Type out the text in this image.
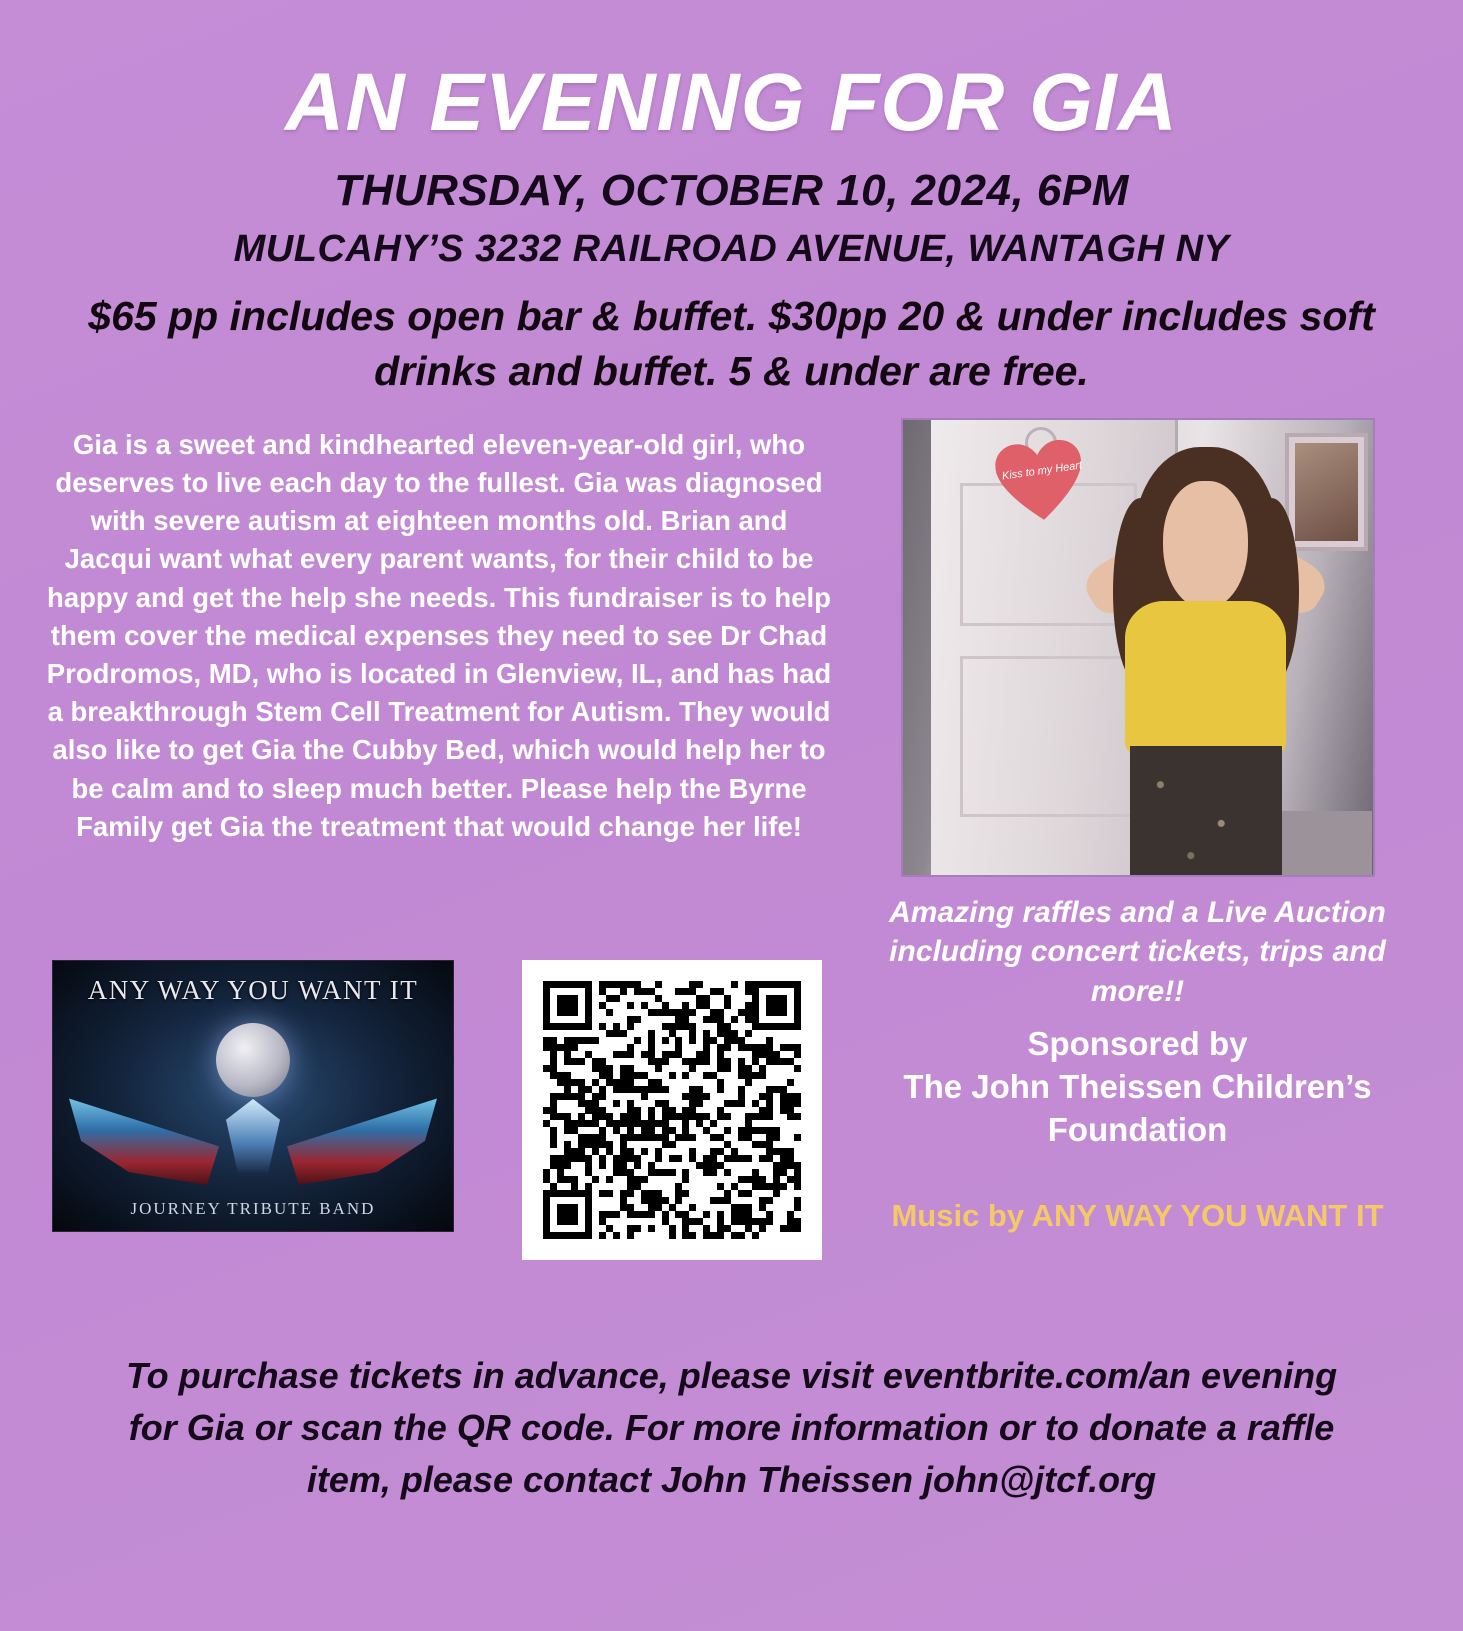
AN EVENING FOR GIA
THURSDAY, OCTOBER 10, 2024, 6PM
MULCAHY’S 3232 RAILROAD AVENUE, WANTAGH NY
$65 pp includes open bar & buffet. $30pp 20 & under includes soft drinks and buffet. 5 & under are free.
Gia is a sweet and kindhearted eleven-year-old girl, who deserves to live each day to the fullest. Gia was diagnosed with severe autism at eighteen months old. Brian and Jacqui want what every parent wants, for their child to be happy and get the help she needs. This fundraiser is to help them cover the medical expenses they need to see Dr Chad Prodromos, MD, who is located in Glenview, IL, and has had a breakthrough Stem Cell Treatment for Autism. They would also like to get Gia the Cubby Bed, which would help her to be calm and to sleep much better. Please help the Byrne Family get Gia the treatment that would change her life!
Kiss to my Heart
Amazing raffles and a Live Auction including concert tickets, trips and more!!
Sponsored by
The John Theissen Children’s Foundation
Music by ANY WAY YOU WANT IT
ANY WAY YOU WANT IT
JOURNEY TRIBUTE BAND
To purchase tickets in advance, please visit eventbrite.com/an evening for Gia or scan the QR code. For more information or to donate a raffle item, please contact John Theissen john@jtcf.org
